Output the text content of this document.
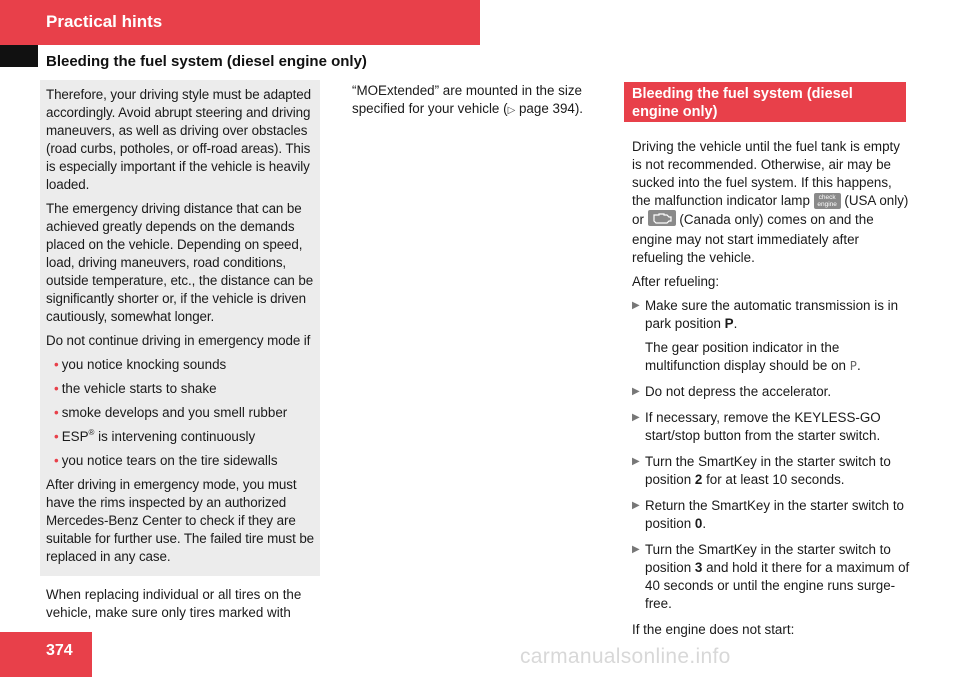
Practical hints
Bleeding the fuel system (diesel engine only)

Therefore, your driving style must be adapted accordingly. Avoid abrupt steering and driving maneuvers, as well as driving over obstacles (road curbs, potholes, or off-road areas). This is especially important if the vehicle is heavily loaded.

The emergency driving distance that can be achieved greatly depends on the demands placed on the vehicle. Depending on speed, load, driving maneuvers, road conditions, outside temperature, etc., the distance can be significantly shorter or, if the vehicle is driven cautiously, somewhat longer.

Do not continue driving in emergency mode if

• you notice knocking sounds
• the vehicle starts to shake
• smoke develops and you smell rubber
• ESP® is intervening continuously
• you notice tears on the tire sidewalls

After driving in emergency mode, you must have the rims inspected by an authorized Mercedes-Benz Center to check if they are suitable for further use. The failed tire must be replaced in any case.

When replacing individual or all tires on the vehicle, make sure only tires marked with
“MOExtended” are mounted in the size specified for your vehicle (▷ page 394).
Bleeding the fuel system (diesel engine only)

Driving the vehicle until the fuel tank is empty is not recommended. Otherwise, air may be sucked into the fuel system. If this happens, the malfunction indicator lamp check
engine (USA only) or	(Canada only) comes on and the engine may not start immediately after refueling the vehicle.

After refueling:

▶ Make sure the automatic transmission is in park position P.
The gear position indicator in the multifunction display should be on P.
▶ Do not depress the accelerator.
▶ If necessary, remove the KEYLESS-GO start/stop button from the starter switch.
▶ Turn the SmartKey in the starter switch to position 2 for at least 10 seconds.
▶ Return the SmartKey in the starter switch to position 0.
▶ Turn the SmartKey in the starter switch to position 3 and hold it there for a maximum of 40 seconds or until the engine runs surge-free.

If the engine does not start:

374	carmanualsonline.info
